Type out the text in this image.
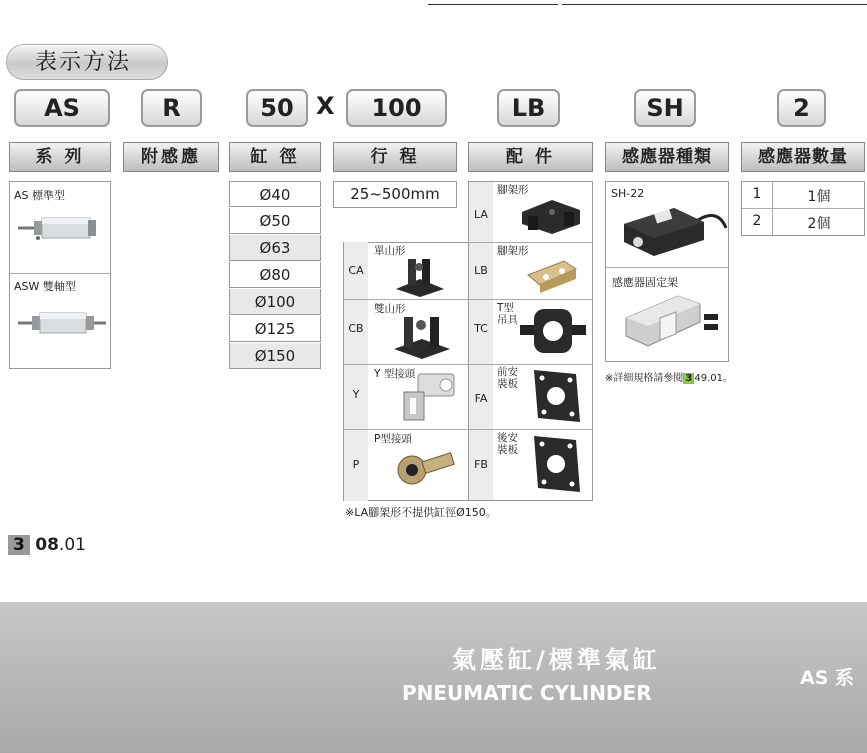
表示方法
AS	R	50 X	100	LB	SH	2
系 列	附感應	缸 徑	行 程	配 件	感應器種類	感應器數量
AS 標準型
ASW 雙軸型
Ø40
Ø50
Ø63
Ø80
Ø100
Ø125
Ø150
25~500mm
CA
單山形
CB
雙山形
Y
Y 型接頭
P
P型接頭
LA
腳架形
LB
腳架形
TC
T型
吊具
FA
前安
裝板
FB
後安
裝板
※LA腳架形不提供缸徑Ø150。
SH-22
感應器固定架
※詳細規格請參閱 3 49.01。
1	1個
2	2個
3 08.01
氣壓缸/標準氣缸
PNEUMATIC CYLINDER
AS 系
